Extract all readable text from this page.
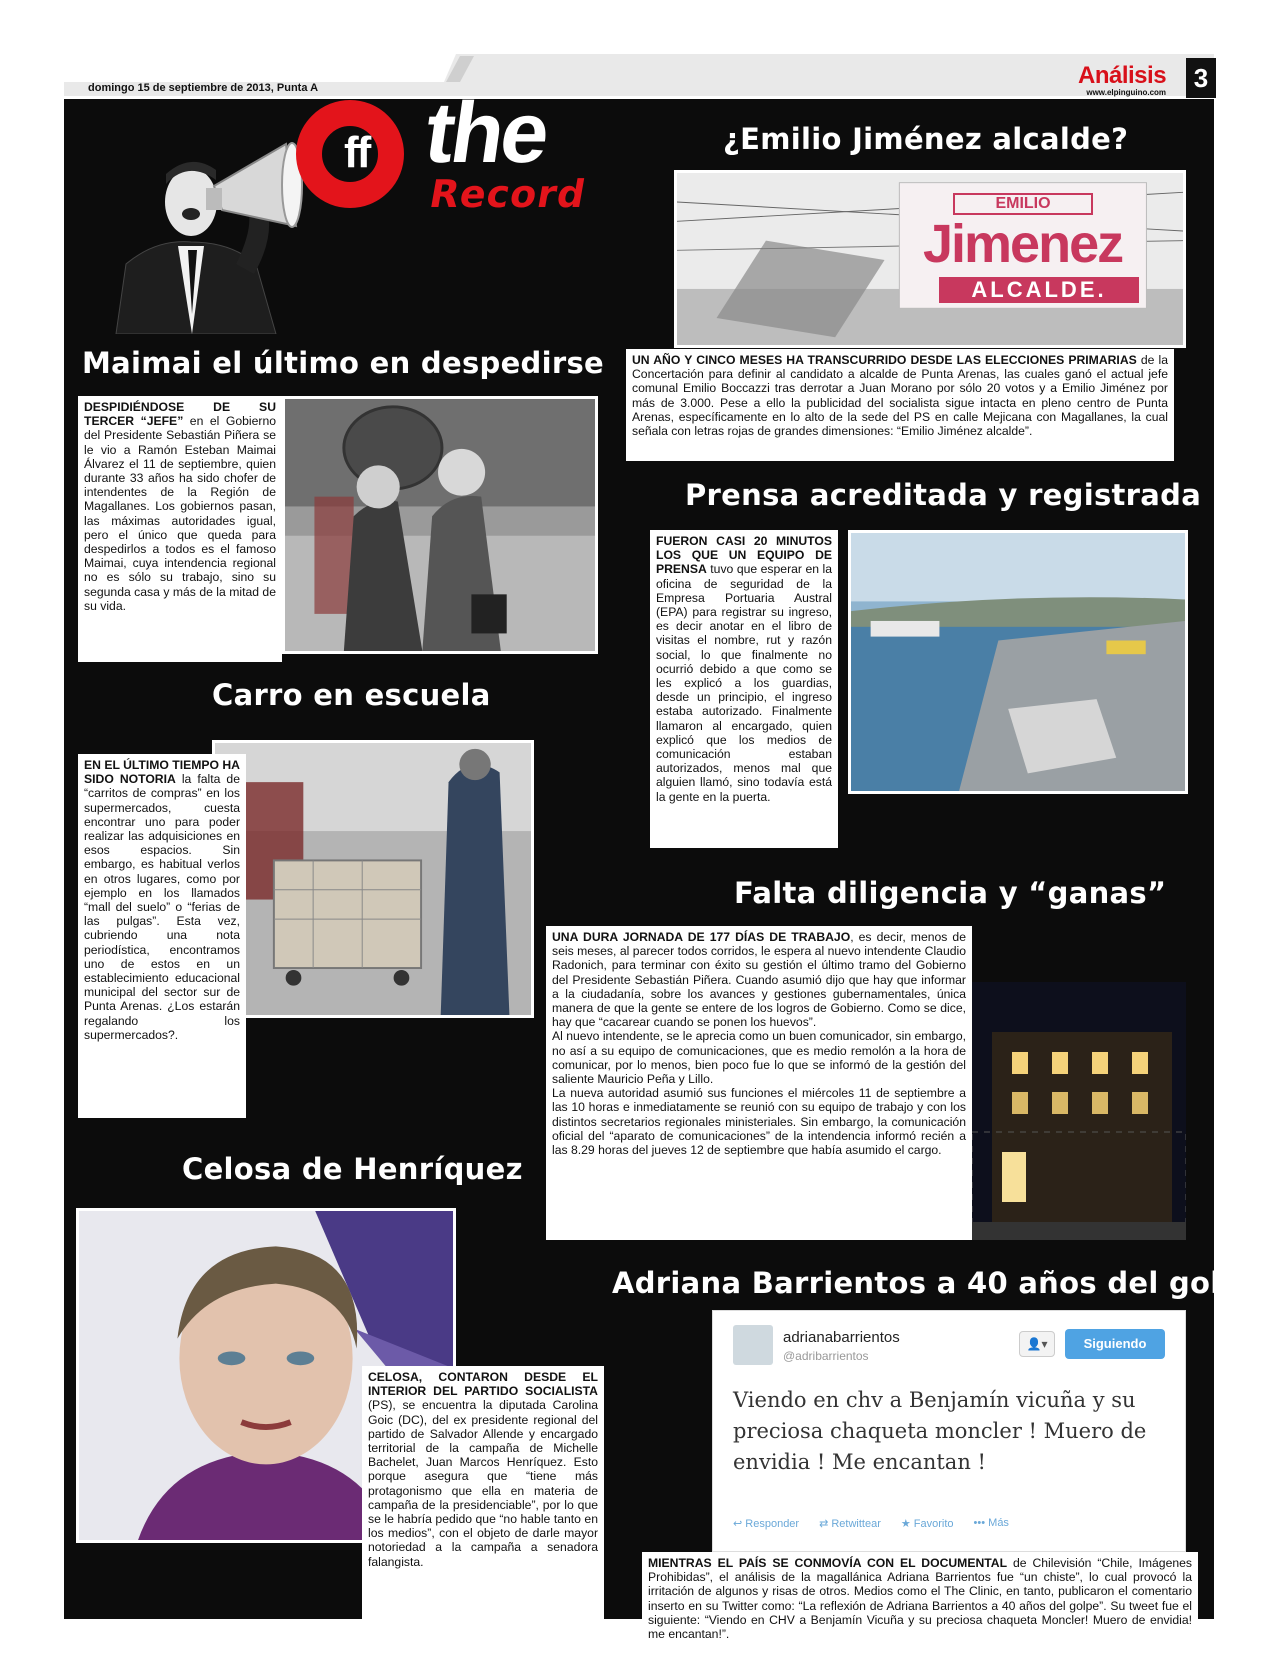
domingo 15 de septiembre de 2013, Punta A	Análisis
www.elpinguino.com 3
ff the
Record
¿Emilio Jiménez alcalde?
EMILIO
Jimenez
ALCALDE.
UN AÑO Y CINCO MESES HA TRANSCURRIDO DESDE LAS ELECCIONES PRIMARIAS de la Concertación para definir al candidato a alcalde de Punta Arenas, las cuales ganó el actual jefe comunal Emilio Boccazzi tras derrotar a Juan Morano por sólo 20 votos y a Emilio Jiménez por más de 3.000. Pese a ello la publicidad del socialista sigue intacta en pleno centro de Punta Arenas, específicamente en lo alto de la sede del PS en calle Mejicana con Magallanes, la cual señala con letras rojas de grandes dimensiones: “Emilio Jiménez alcalde”.
Maimai el último en despedirse
DESPIDIÉNDOSE DE SU TERCER “JEFE” en el Gobierno del Presidente Sebastián Piñera se le vio a Ramón Esteban Maimai Álvarez el 11 de septiembre, quien durante 33 años ha sido chofer de intendentes de la Región de Magallanes. Los gobiernos pasan, las máximas autoridades igual, pero el único que queda para despedirlos a todos es el famoso Maimai, cuya intendencia regional no es sólo su trabajo, sino su segunda casa y más de la mitad de su vida.
Prensa acreditada y registrada
FUERON CASI 20 MINUTOS LOS QUE UN EQUIPO DE PRENSA tuvo que esperar en la oficina de seguridad de la Empresa Portuaria Austral (EPA) para registrar su ingreso, es decir anotar en el libro de visitas el nombre, rut y razón social, lo que finalmente no ocurrió debido a que como se les explicó a los guardias, desde un principio, el ingreso estaba autorizado. Finalmente llamaron al encargado, quien explicó que los medios de comunicación estaban autorizados, menos mal que alguien llamó, sino todavía está la gente en la puerta.
Carro en escuela
EN EL ÚLTIMO TIEMPO HA SIDO NOTORIA la falta de “carritos de compras” en los supermercados, cuesta encontrar uno para poder realizar las adquisiciones en esos espacios. Sin embargo, es habitual verlos en otros lugares, como por ejemplo en los llamados “mall del suelo” o “ferias de las pulgas”. Esta vez, cubriendo una nota periodística, encontramos uno de estos en un establecimiento educacional municipal del sector sur de Punta Arenas. ¿Los estarán regalando los supermercados?.
Falta diligencia y “ganas”

UNA DURA JORNADA DE 177 DÍAS DE TRABAJO, es decir, menos de seis meses, al parecer todos corridos, le espera al nuevo intendente Claudio Radonich, para terminar con éxito su gestión el último tramo del Gobierno del Presidente Sebastián Piñera. Cuando asumió dijo que hay que informar a la ciudadanía, sobre los avances y gestiones gubernamentales, única manera de que la gente se entere de los logros de Gobierno. Como se dice, hay que “cacarear cuando se ponen los huevos”.

Al nuevo intendente, se le aprecia como un buen comunicador, sin embargo, no así a su equipo de comunicaciones, que es medio remolón a la hora de comunicar, por lo menos, bien poco fue lo que se informó de la gestión del saliente Mauricio Peña y Lillo.

La nueva autoridad asumió sus funciones el miércoles 11 de septiembre a las 10 horas e inmediatamente se reunió con su equipo de trabajo y con los distintos secretarios regionales ministeriales. Sin embargo, la comunicación oficial del “aparato de comunicaciones” de la intendencia informó recién a las 8.29 horas del jueves 12 de septiembre que había asumido el cargo.

Celosa de Henríquez
CELOSA, CONTARON DESDE EL INTERIOR DEL PARTIDO SOCIALISTA (PS), se encuentra la diputada Carolina Goic (DC), del ex presidente regional del partido de Salvador Allende y encargado territorial de la campaña de Michelle Bachelet, Juan Marcos Henríquez. Esto porque asegura que “tiene más protagonismo que ella en materia de campaña de la presidenciable”, por lo que se le habría pedido que “no hable tanto en los medios”, con el objeto de darle mayor notoriedad a la campaña a senadora falangista.
Adriana Barrientos a 40 años del golpe
adrianabarrientos
@adribarrientos
👤▾	Siguiendo
Viendo en chv a Benjamín vicuña y su preciosa chaqueta moncler ! Muero de envidia ! Me encantan !
↩ Responder ⇄ Retwittear ★ Favorito ••• Más
MIENTRAS EL PAÍS SE CONMOVÍA CON EL DOCUMENTAL de Chilevisión “Chile, Imágenes Prohibidas”, el análisis de la magallánica Adriana Barrientos fue “un chiste”, lo cual provocó la irritación de algunos y risas de otros. Medios como el The Clinic, en tanto, publicaron el comentario inserto en su Twitter como: “La reflexión de Adriana Barrientos a 40 años del golpe”. Su tweet fue el siguiente: “Viendo en CHV a Benjamín Vicuña y su preciosa chaqueta Moncler! Muero de envidia! me encantan!”.
